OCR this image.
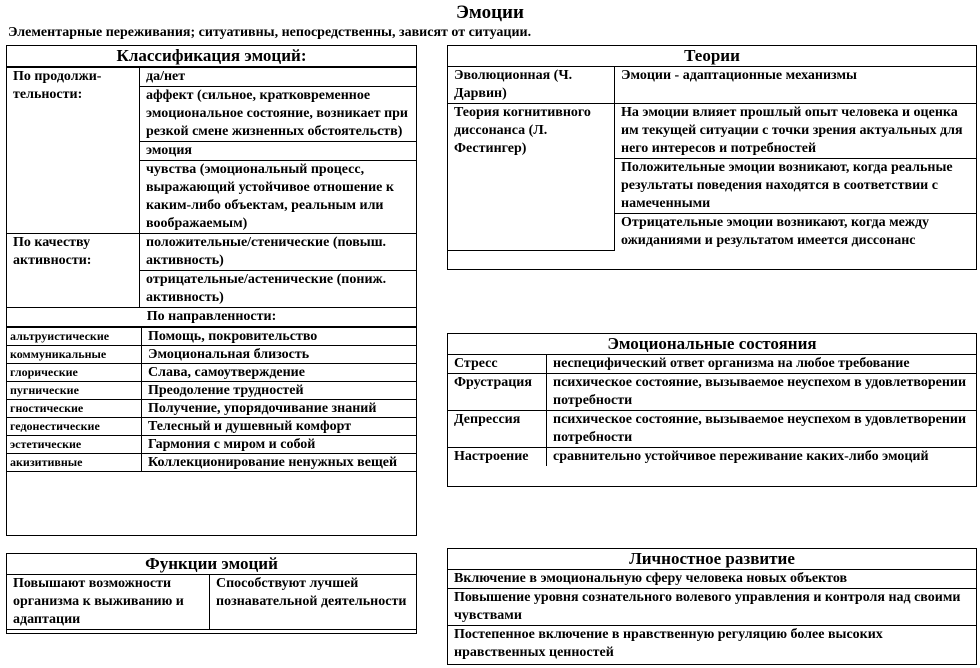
Эмоции
Элементарные переживания; ситуативны, непосредственны, зависят от ситуации.
Классификация эмоций:
По продолжи-тельности:	да/нет
	аффект (сильное, кратковременное эмоциональное состояние, возникает при резкой смене жизненных обстоятельств)
	эмоция
	чувства (эмоциональный процесс, выражающий устойчивое отношение к каким-либо объектам, реальным или воображаемым)
По качеству активности:	положительные/стенические (повыш. активность)
	отрицательные/астенические (пониж. активность)
По направленности:	
альтруистические	Помощь, покровительство
коммуникальные	Эмоциональная близость
глорические	Слава, самоутверждение
пугнические	Преодоление трудностей
гностические	Получение, упорядочивание знаний
гедонестические	Телесный и душевный комфорт
эстетические	Гармония с миром и собой
акизитивные	Коллекционирование ненужных вещей
Функции эмоций
Повышают возможности организма к выживанию и адаптации	Способствуют лучшей познавательной деятельности
Теории
Эволюционная (Ч. Дарвин)	Эмоции - адаптационные механизмы
Теория когнитивного диссонанса (Л. Фестингер)	На эмоции влияет прошлый опыт человека и оценка им текущей ситуации с точки зрения актуальных для него интересов и потребностей
	Положительные эмоции возникают, когда реальные результаты поведения находятся в соответствии с намеченными
	Отрицательные эмоции возникают, когда между ожиданиями и результатом имеется диссонанс
Эмоциональные состояния
Стресс	неспецифический ответ организма на любое требование
Фрустрация	психическое состояние, вызываемое неуспехом в удовлетворении потребности
Депрессия	психическое состояние, вызываемое неуспехом в удовлетворении потребности
Настроение	сравнительно устойчивое переживание каких-либо эмоций
Личностное развитие
Включение в эмоциональную сферу человека новых объектов
Повышение уровня сознательного волевого управления и контроля над своими чувствами
Постепенное включение в нравственную регуляцию более высоких нравственных ценностей
